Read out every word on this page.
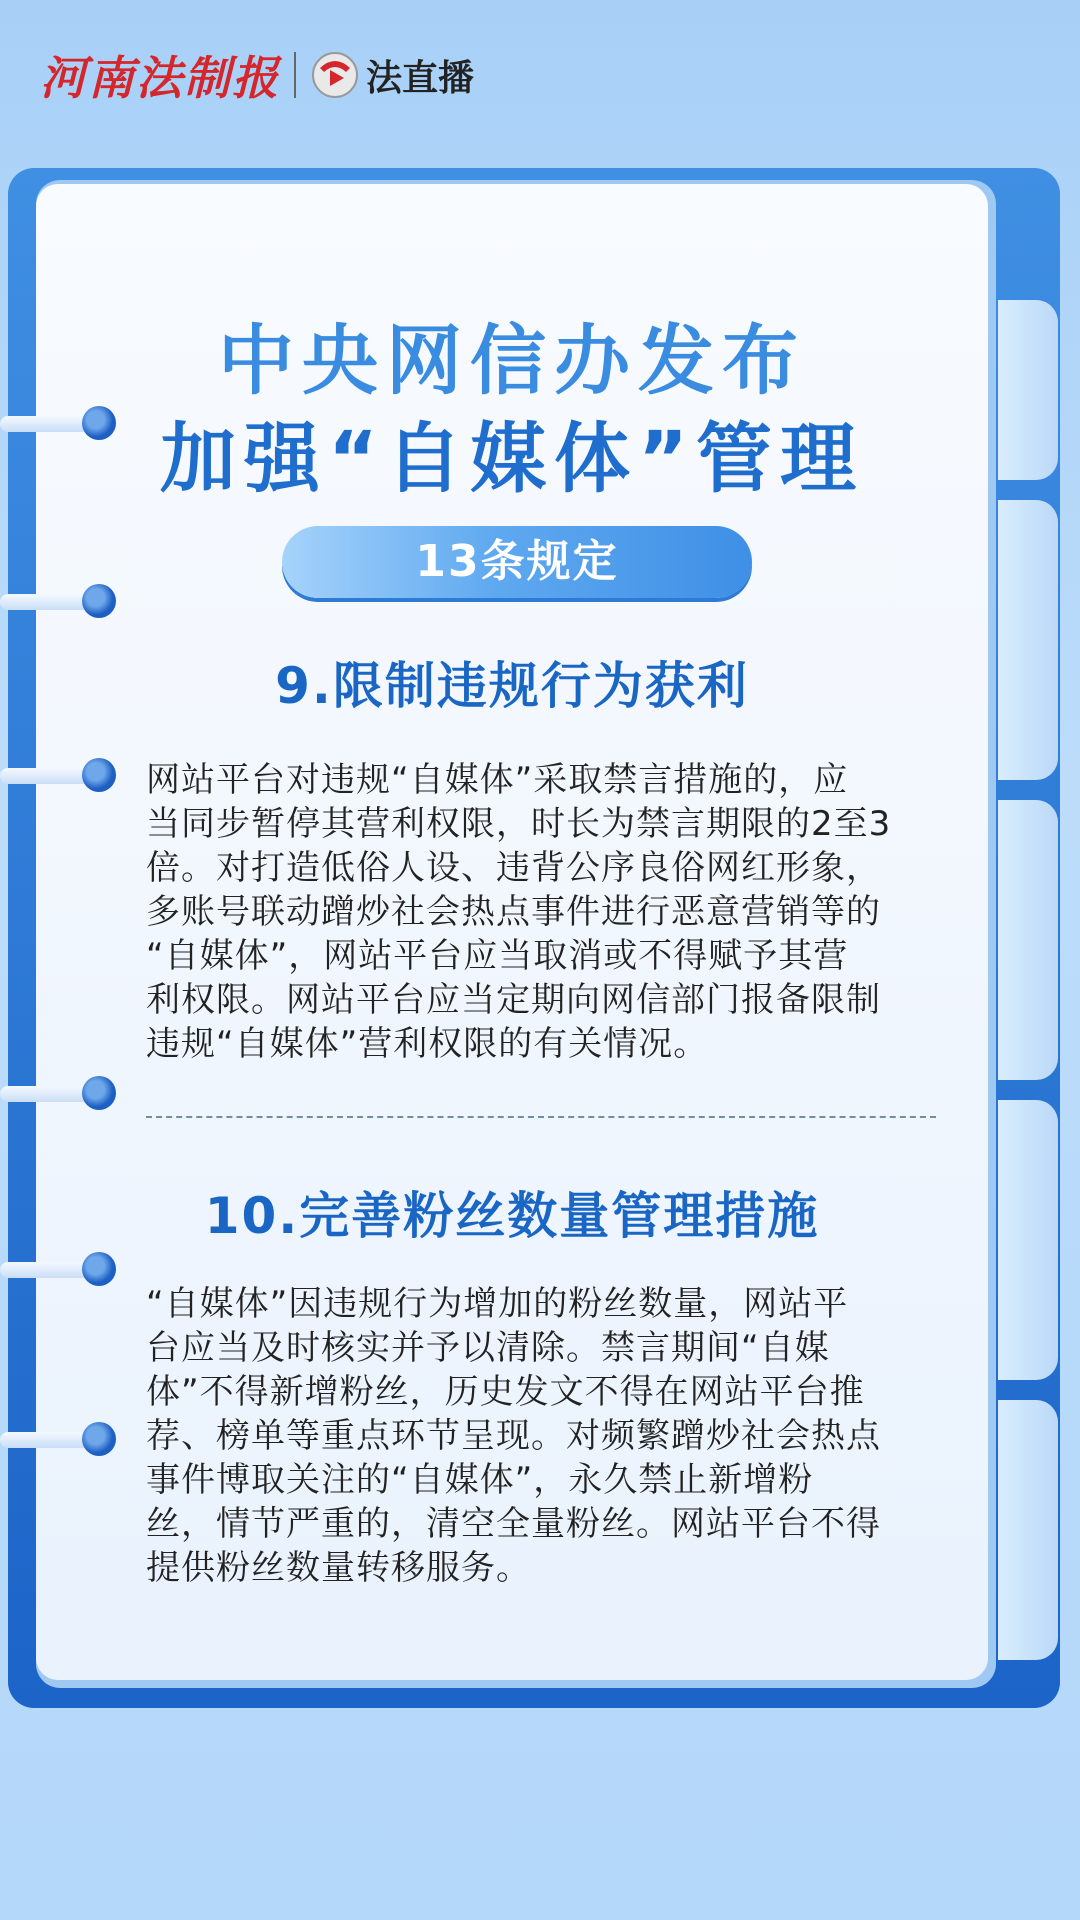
河南法制报 法直播
中央网信办发布
加强“自媒体”管理
13条规定
9.限制违规行为获利
网站平台对违规“自媒体”采取禁言措施的，应
当同步暂停其营利权限，时长为禁言期限的2至3
倍。对打造低俗人设、违背公序良俗网红形象，
多账号联动蹭炒社会热点事件进行恶意营销等的
“自媒体”，网站平台应当取消或不得赋予其营
利权限。网站平台应当定期向网信部门报备限制
违规“自媒体”营利权限的有关情况。
10.完善粉丝数量管理措施
“自媒体”因违规行为增加的粉丝数量，网站平
台应当及时核实并予以清除。禁言期间“自媒
体”不得新增粉丝，历史发文不得在网站平台推
荐、榜单等重点环节呈现。对频繁蹭炒社会热点
事件博取关注的“自媒体”，永久禁止新增粉
丝，情节严重的，清空全量粉丝。网站平台不得
提供粉丝数量转移服务。
